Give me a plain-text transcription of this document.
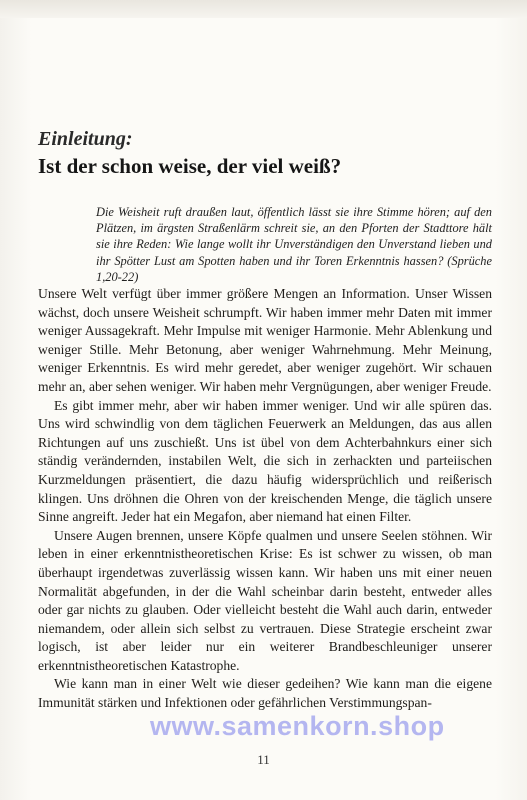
Einleitung:
Ist der schon weise, der viel weiß?

Die Weisheit ruft draußen laut, öffentlich lässt sie ihre Stimme hören; auf den Plätzen, im ärgsten Straßenlärm schreit sie, an den Pforten der Stadttore hält sie ihre Reden: Wie lange wollt ihr Unverständigen den Unverstand lieben und ihr Spötter Lust am Spotten haben und ihr Toren Erkenntnis hassen? (Sprüche 1,20-22)

Unsere Welt verfügt über immer größere Mengen an Information. Unser Wissen wächst, doch unsere Weisheit schrumpft. Wir haben immer mehr Daten mit immer weniger Aussagekraft. Mehr Impulse mit weniger Harmonie. Mehr Ablenkung und weniger Stille. Mehr Betonung, aber weniger Wahrnehmung. Mehr Meinung, weniger Erkenntnis. Es wird mehr geredet, aber weniger zugehört. Wir schauen mehr an, aber sehen weniger. Wir haben mehr Vergnügungen, aber weniger Freude.

Es gibt immer mehr, aber wir haben immer weniger. Und wir alle spüren das. Uns wird schwindlig von dem täglichen Feuerwerk an Meldungen, das aus allen Richtungen auf uns zuschießt. Uns ist übel von dem Achterbahnkurs einer sich ständig verändernden, instabilen Welt, die sich in zerhackten und parteiischen Kurzmeldungen präsentiert, die dazu häufig widersprüchlich und reißerisch klingen. Uns dröhnen die Ohren von der kreischenden Menge, die täglich unsere Sinne angreift. Jeder hat ein Megafon, aber niemand hat einen Filter.

Unsere Augen brennen, unsere Köpfe qualmen und unsere Seelen stöhnen. Wir leben in einer erkenntnistheoretischen Krise: Es ist schwer zu wissen, ob man überhaupt irgendetwas zuverlässig wissen kann. Wir haben uns mit einer neuen Normalität abgefunden, in der die Wahl scheinbar darin besteht, entweder alles oder gar nichts zu glauben. Oder vielleicht besteht die Wahl auch darin, entweder niemandem, oder allein sich selbst zu vertrauen. Diese Strategie erscheint zwar logisch, ist aber leider nur ein weiterer Brandbeschleuniger unserer erkenntnistheoretischen Katastrophe.

Wie kann man in einer Welt wie dieser gedeihen? Wie kann man die eigene Immunität stärken und Infektionen oder gefährlichen Verstimmungspan-

www.samenkorn.shop
11
